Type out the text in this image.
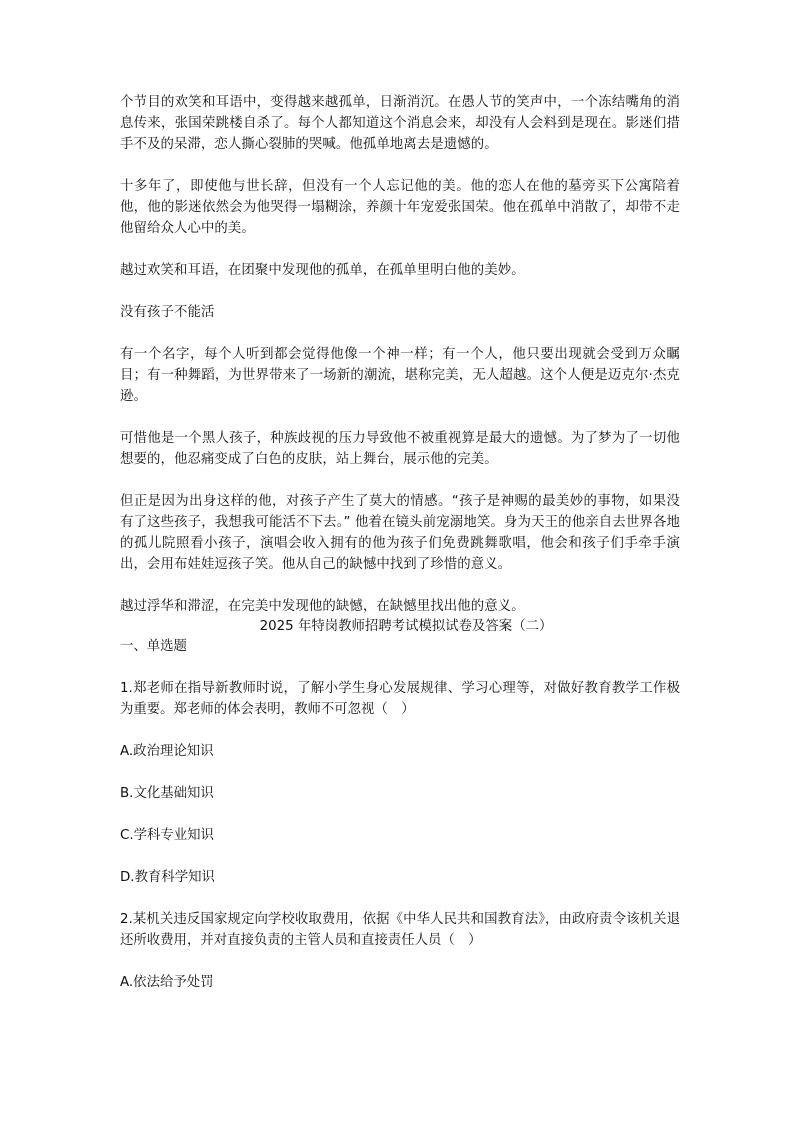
个节目的欢笑和耳语中，变得越来越孤单，日渐消沉。在愚人节的笑声中，一个冻结嘴角的消息传来，张国荣跳楼自杀了。每个人都知道这个消息会来，却没有人会料到是现在。影迷们措手不及的呆滞，恋人撕心裂肺的哭喊。他孤单地离去是遗憾的。

十多年了，即使他与世长辞，但没有一个人忘记他的美。他的恋人在他的墓旁买下公寓陪着他，他的影迷依然会为他哭得一塌糊涂，养颜十年宠爱张国荣。他在孤单中消散了，却带不走他留给众人心中的美。

越过欢笑和耳语，在团聚中发现他的孤单，在孤单里明白他的美妙。

没有孩子不能活

有一个名字，每个人听到都会觉得他像一个神一样；有一个人，他只要出现就会受到万众瞩目；有一种舞蹈，为世界带来了一场新的潮流，堪称完美，无人超越。这个人便是迈克尔·杰克逊。

可惜他是一个黑人孩子，种族歧视的压力导致他不被重视算是最大的遗憾。为了梦为了一切他想要的，他忍痛变成了白色的皮肤，站上舞台，展示他的完美。

但正是因为出身这样的他，对孩子产生了莫大的情感。“孩子是神赐的最美妙的事物，如果没有了这些孩子，我想我可能活不下去。” 他着在镜头前宠溺地笑。身为天王的他亲自去世界各地的孤儿院照看小孩子，演唱会收入拥有的他为孩子们免费跳舞歌唱，他会和孩子们手牵手演出，会用布娃娃逗孩子笑。他从自己的缺憾中找到了珍惜的意义。

越过浮华和滞涩，在完美中发现他的缺憾，在缺憾里找出他的意义。

2025 年特岗教师招聘考试模拟试卷及答案（二）

一、单选题

1.郑老师在指导新教师时说，了解小学生身心发展规律、学习心理等，对做好教育教学工作极为重要。郑老师的体会表明，教师不可忽视（　）

A.政治理论知识

B.文化基础知识

C.学科专业知识

D.教育科学知识

2.某机关违反国家规定向学校收取费用，依据《中华人民共和国教育法》，由政府责令该机关退还所收费用，并对直接负责的主管人员和直接责任人员（　）

A.依法给予处罚
